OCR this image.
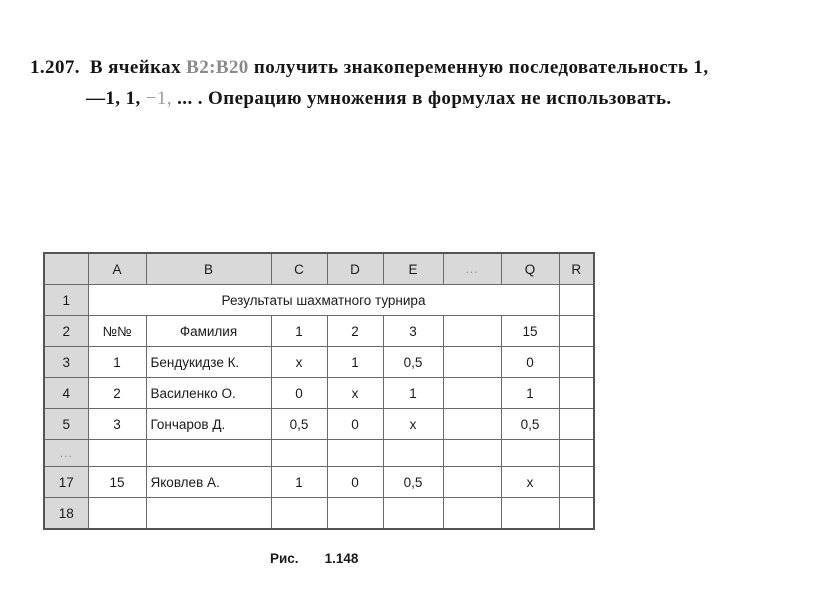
1.207. В ячейках B2:B20 получить знакопеременную последовательность 1,
—1, 1, −1, ... . Операцию умножения в формулах не использовать.
	A	B	C	D	E	...	Q	R
1	Результаты шахматного турнира							
2	№№	Фамилия	1	2	3		15	
3	1	Бендукидзе К.	x	1	0,5		0	
4	2	Василенко О.	0	x	1		1	
5	3	Гончаров Д.	0,5	0	x		0,5	
...								
17	15	Яковлев А.	1	0	0,5		x	
18								
Рис. 1.148
